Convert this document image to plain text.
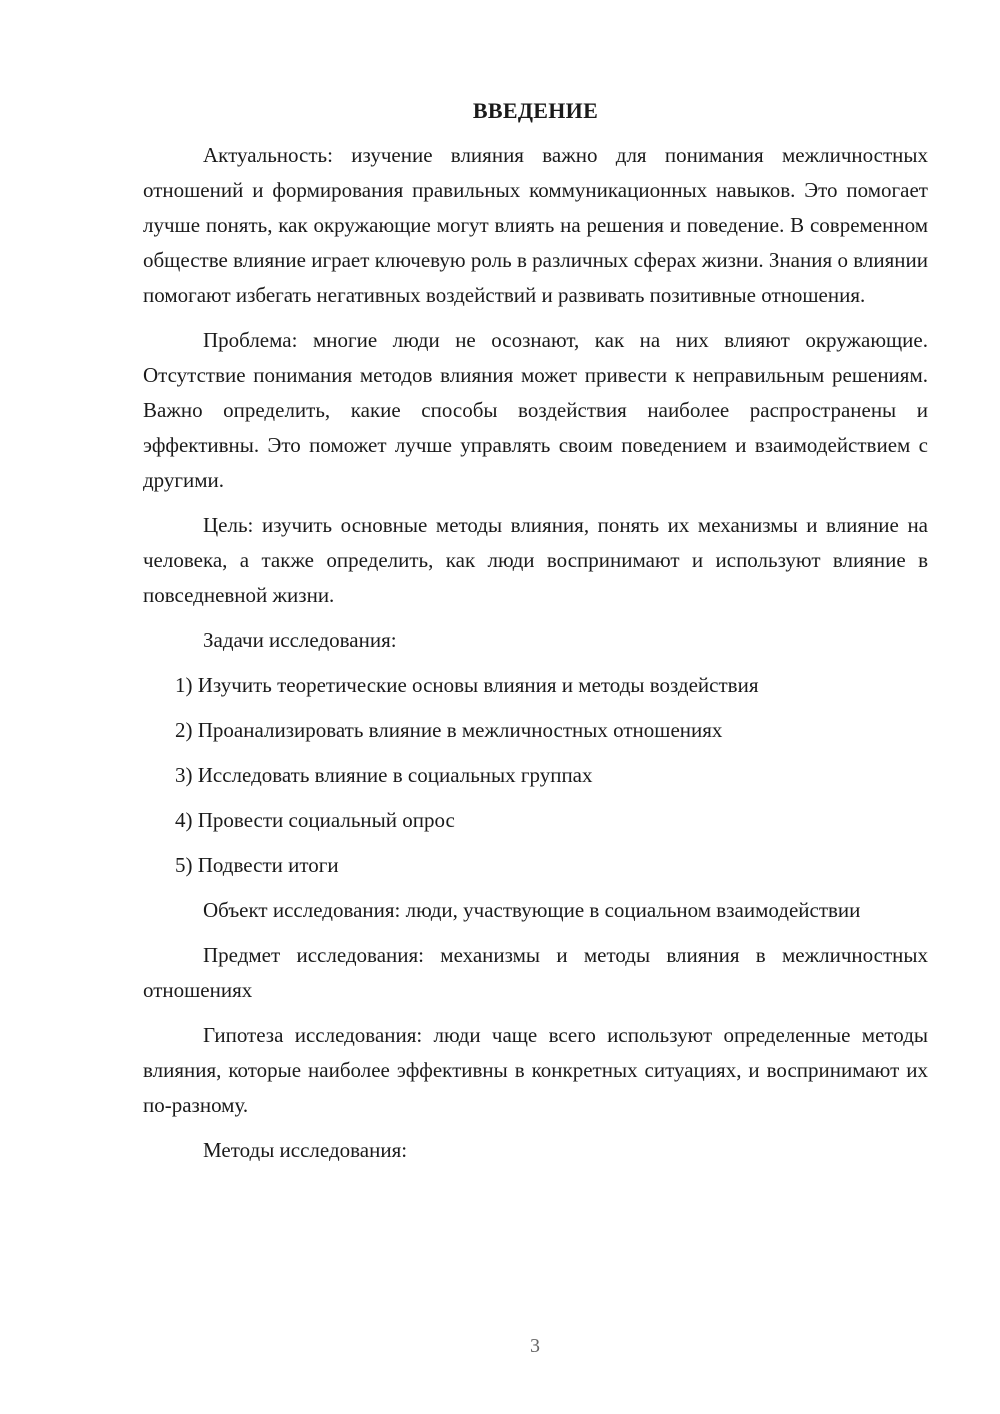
ВВЕДЕНИЕ

Актуальность: изучение влияния важно для понимания межличностных отношений и формирования правильных коммуникационных навыков. Это помогает лучше понять, как окружающие могут влиять на решения и поведение. В современном обществе влияние играет ключевую роль в различных сферах жизни. Знания о влиянии помогают избегать негативных воздействий и развивать позитивные отношения.

Проблема: многие люди не осознают, как на них влияют окружающие. Отсутствие понимания методов влияния может привести к неправильным решениям. Важно определить, какие способы воздействия наиболее распространены и эффективны. Это поможет лучше управлять своим поведением и взаимодействием с другими.

Цель: изучить основные методы влияния, понять их механизмы и влияние на человека, а также определить, как люди воспринимают и используют влияние в повседневной жизни.

Задачи исследования:

1) Изучить теоретические основы влияния и методы воздействия
2) Проанализировать влияние в межличностных отношениях
3) Исследовать влияние в социальных группах
4) Провести социальный опрос
5) Подвести итоги

Объект исследования: люди, участвующие в социальном взаимодействии

Предмет исследования: механизмы и методы влияния в межличностных отношениях

Гипотеза исследования: люди чаще всего используют определенные методы влияния, которые наиболее эффективны в конкретных ситуациях, и воспринимают их по-разному.

Методы исследования:

3
